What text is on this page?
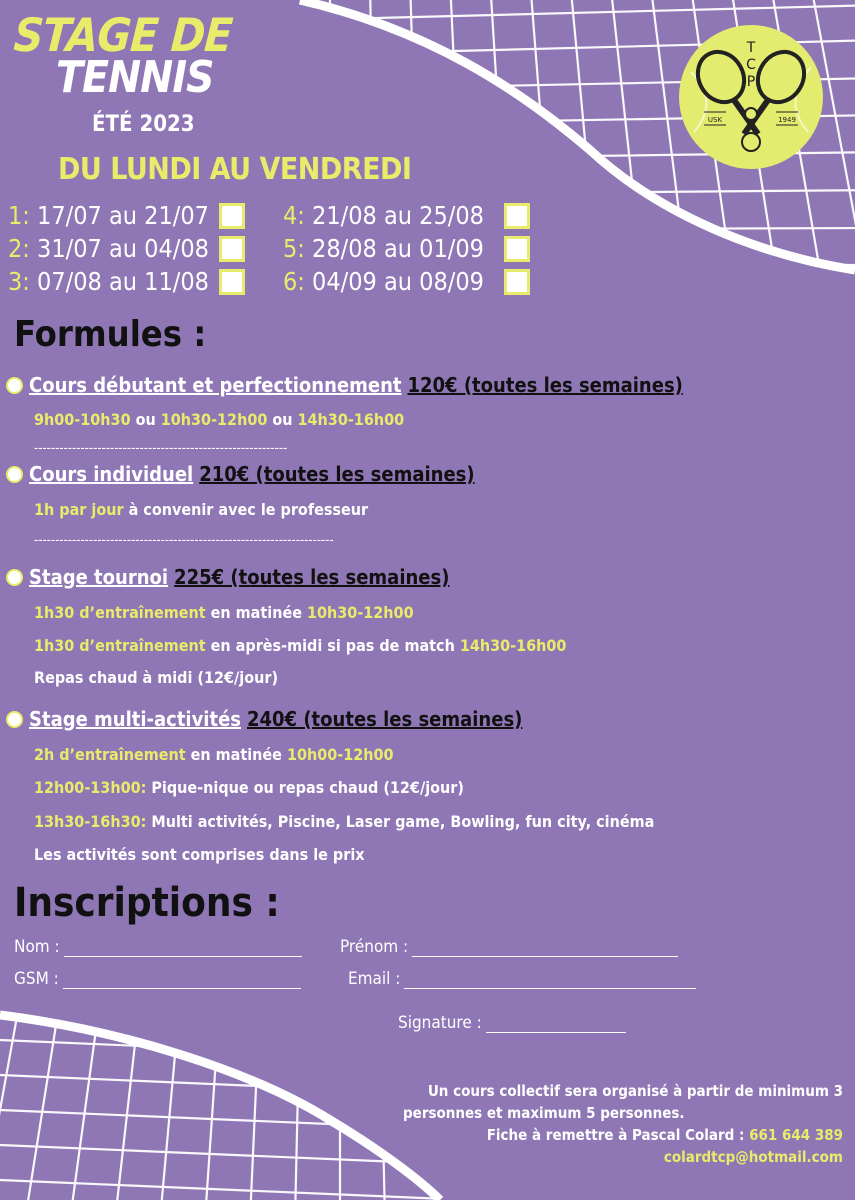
T
C
P
USK	1949
STAGE DE
TENNIS
ÉTÉ 2023
DU LUNDI AU VENDREDI
1:
17/07 au 21/07
2:
31/07 au 04/08
3:
07/08 au 11/08
4:
21/08 au 25/08
5:
28/08 au 01/09
6:
04/09 au 08/09
Formules :
Cours débutant et perfectionnement 120€ (toutes les semaines)
9h00-10h30 ou 10h30-12h00 ou 14h30-16h00
------------------------------------------------------------
Cours individuel 210€ (toutes les semaines)
1h par jour à convenir avec le professeur
-----------------------------------------------------------------------
Stage tournoi 225€ (toutes les semaines)
1h30 d’entraînement en matinée 10h30-12h00
1h30 d’entraînement en après-midi si pas de match 14h30-16h00
Repas chaud à midi (12€/jour)
Stage multi-activités 240€ (toutes les semaines)
2h d’entraînement en matinée 10h00-12h00
12h00-13h00: Pique-nique ou repas chaud (12€/jour)
13h30-16h30: Multi activités, Piscine, Laser game, Bowling, fun city, cinéma
Les activités sont comprises dans le prix
Inscriptions :
Nom :	Prénom :
GSM :	Email :
Signature :
Un cours collectif sera organisé à partir de minimum 3
personnes et maximum 5 personnes.
Fiche à remettre à Pascal Colard : 661 644 389
colardtcp@hotmail.com
